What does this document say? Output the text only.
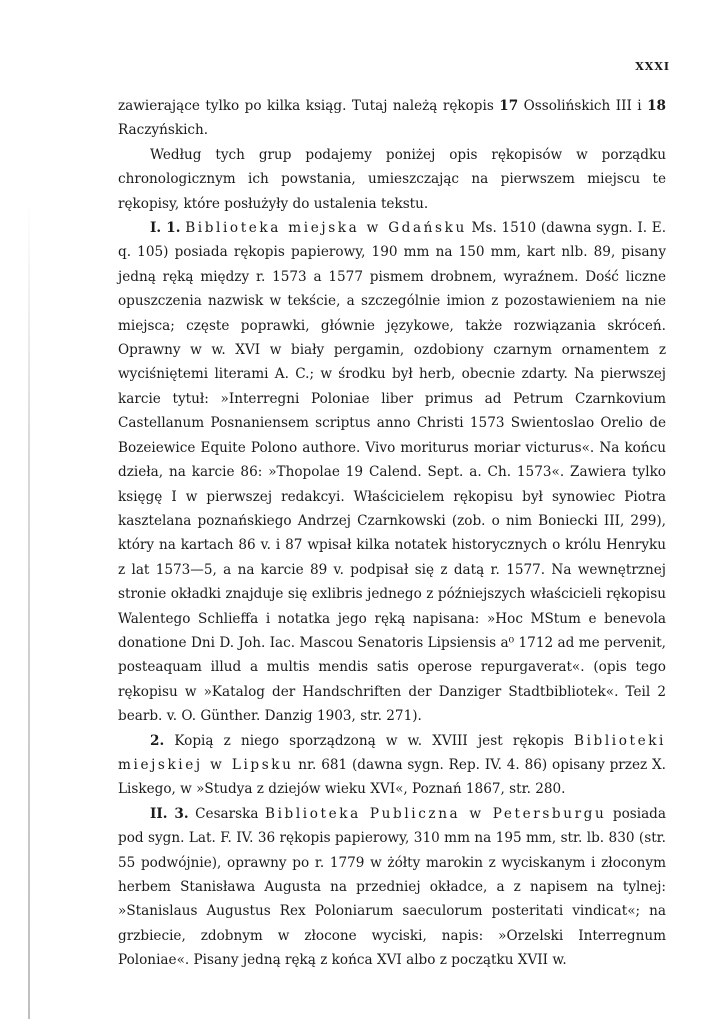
XXXI

zawierające tylko po kilka ksiąg. Tutaj należą rękopis 17 Ossolińskich III i 18 Raczyńskich.

Według tych grup podajemy poniżej opis rękopisów w porządku chronologicznym ich powstania, umieszczając na pierwszem miejscu te rękopisy, które posłużyły do ustalenia tekstu.

I. 1. Biblioteka miejska w Gdańsku Ms. 1510 (dawna sygn. I. E. q. 105) posiada rękopis papierowy, 190 mm na 150 mm, kart nlb. 89, pisany jedną ręką między r. 1573 a 1577 pismem drobnem, wyraźnem. Dość liczne opuszczenia nazwisk w tekście, a szczególnie imion z pozostawieniem na nie miejsca; częste poprawki, głównie językowe, także rozwiązania skróceń. Oprawny w w. XVI w biały pergamin, ozdobiony czarnym ornamentem z wyciśniętemi literami A. C.; w środku był herb, obecnie zdarty. Na pierwszej karcie tytuł: »Interregni Poloniae liber primus ad Petrum Czarnkovium Castellanum Posnaniensem scriptus anno Christi 1573 Swientoslao Orelio de Bozeiewice Equite Polono authore. Vivo moriturus moriar victurus«. Na końcu dzieła, na karcie 86: »Thopolae 19 Calend. Sept. a. Ch. 1573«. Zawiera tylko księgę I w pierwszej redakcyi. Właścicielem rękopisu był synowiec Piotra kasztelana poznańskiego Andrzej Czarnkowski (zob. o nim Boniecki III, 299), który na kartach 86 v. i 87 wpisał kilka notatek historycznych o królu Henryku z lat 1573—5, a na karcie 89 v. podpisał się z datą r. 1577. Na wewnętrznej stronie okładki znajduje się exlibris jednego z późniejszych właścicieli rękopisu Walentego Schlieffa i notatka jego ręką napisana: »Hoc MStum e benevola donatione Dni D. Joh. Iac. Mascou Senatoris Lipsiensis a⁰ 1712 ad me pervenit, posteaquam illud a multis mendis satis operose repurgaverat«. (opis tego rękopisu w »Katalog der Handschriften der Danziger Stadtbibliotek«. Teil 2 bearb. v. O. Günther. Danzig 1903, str. 271).

2. Kopią z niego sporządzoną w w. XVIII jest rękopis Biblioteki miejskiej w Lipsku nr. 681 (dawna sygn. Rep. IV. 4. 86) opisany przez X. Liskego, w »Studya z dziejów wieku XVI«, Poznań 1867, str. 280.

II. 3. Cesarska Biblioteka Publiczna w Petersburgu posiada pod sygn. Lat. F. IV. 36 rękopis papierowy, 310 mm na 195 mm, str. lb. 830 (str. 55 podwójnie), oprawny po r. 1779 w żółty marokin z wyciskanym i złoconym herbem Stanisława Augusta na przedniej okładce, a z napisem na tylnej: »Stanislaus Augustus Rex Poloniarum saeculorum posteritati vindicat«; na grzbiecie, zdobnym w złocone wyciski, napis: »Orzelski Interregnum Poloniae«. Pisany jedną ręką z końca XVI albo z początku XVII w.
